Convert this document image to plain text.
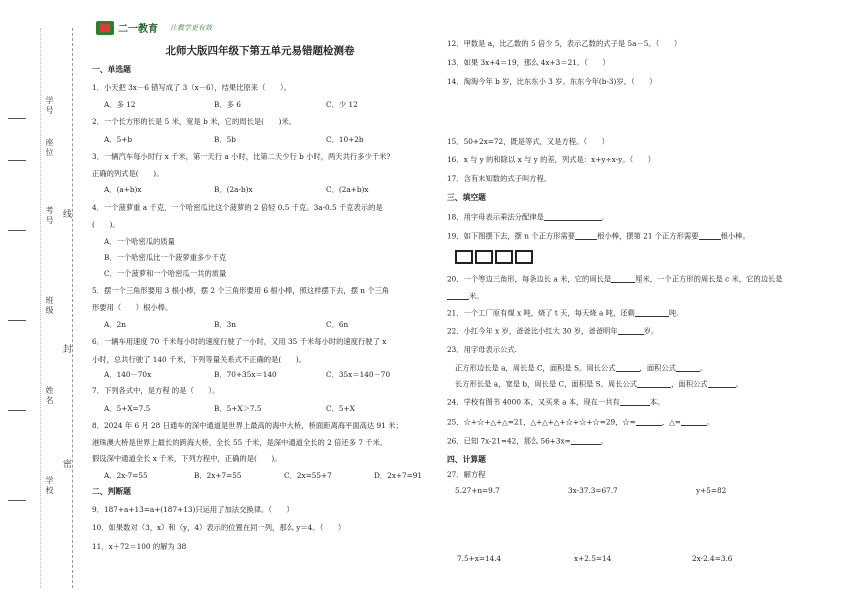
学号
座位
考号
班级
姓名
学校
线
封
密
二一教育 让教学更有效
北师大版四年级下第五单元易错题检测卷
一、单选题
1．小天把 3x－6 错写成了 3（x－6），结果比原来（　　）。
A．多 12	B．多 6	C．少 12
2．一个长方形的长是 5 米，宽是 b 米，它的周长是(　　)米。
A．5+b	B．5b	C．10+2b
3．一辆汽车每小时行 x 千米，第一天行 a 小时，比第二天少行 b 小时，两天共行多少千米?
正确的列式是(　　)。
A．(a+b)x	B．(2a-b)x	C．(2a+b)x
4．一个菠萝重 a 千克，一个哈密瓜比这个菠萝的 2 倍轻 0.5 千克。3a-0.5 千克表示的是
(　　)。
A．一个哈密瓜的质量
B．一个哈密瓜比一个菠萝重多少千克
C．一个菠萝和一个哈密瓜一共的质量
5．摆一个三角形要用 3 根小棒，摆 2 个三角形要用 6 根小棒，照这样摆下去，摆 n 个三角
形要用（　　）根小棒。
A．2n	B．3n	C．6n
6．一辆车用速度 70 千米每小时的速度行驶了一小时，又用 35 千米每小时的速度行驶了 x
小时，总共行驶了 140 千米，下列等量关系式不正确的是(　　)。
A．140－70x	B．70+35x＝140	C．35x＝140－70
7．下列各式中，是方程 的是（　　）。
A．5+X=7.5	B．5+X＞7.5	C．5+X
8．2024 年 6 月 28 日通车的深中通道是世界上最高的海中大桥，桥面距离海平面高达 91 米；
港珠澳大桥是世界上最长的跨海大桥，全长 55 千米，是深中通道全长的 2 倍还多 7 千米。
假设深中通道全长 x 千米，下列方程中，正确的是(　　)。
A．2x-7=55	B．2x+7=55	C．2x=55+7	D．2x+7=91
二、判断题
9．187+a+13=a+(187+13)只运用了加法交换律。（　　）
10．如果数对（3，x）和（y，4）表示的位置在同一列，那么 y＝4。（　　）
11．x＋72＝100 的解为 38
12．甲数是 a，比乙数的 5 倍少 5，表示乙数的式子是 5a－5。（　　）
13．如果 3x+4＝19，那么 4x+3＝21。（　　）
14．淘淘今年 b 岁，比东东小 3 岁。东东今年(b-3)岁。（　　）
15．50+2x=72，既是等式，又是方程。（　　）
16．x 与 y 的和除以 x 与 y 的差，列式是：x+y÷x-y。（　　）
17．含有未知数的式子叫方程。
三、填空题
18．用字母表示乘法分配律是	.
19．如下图摆下去，摆 n 个正方形需要	根小棒，摆第 21 个正方形需要	根小棒。
20．一个等边三角形，每条边长 a 米，它的周长是	厘米，一个正方形的周长是 c 米，它的边长是
米。
21．一个工厂原有煤 x 吨，烧了 t 天，每天烧 a 吨，还剩	吨.
22．小红今年 x 岁，爸爸比小红大 30 岁，爸爸明年	岁。
23．用字母表示公式.
正方形边长是 a，周长是 C，面积是 S。周长公式	，面积公式	。
长方形长是 a，宽是 b，周长是 C，面积是 S。周长公式	，面积公式	。
24．学校有图书 4000 本，又买来 a 本，现在一共有	本。
25．☆+☆+△+△=21，△+△+△+☆+☆+☆=29，☆=	，△=	。
26．已知 7x-21=42，那么 56+3x=	。
四、计算题
27．解方程
5.27+n=9.7	3x-37.3=67.7	y+5=82
7.5+x=14.4	x+2.5=14	2x-2.4=3.6
